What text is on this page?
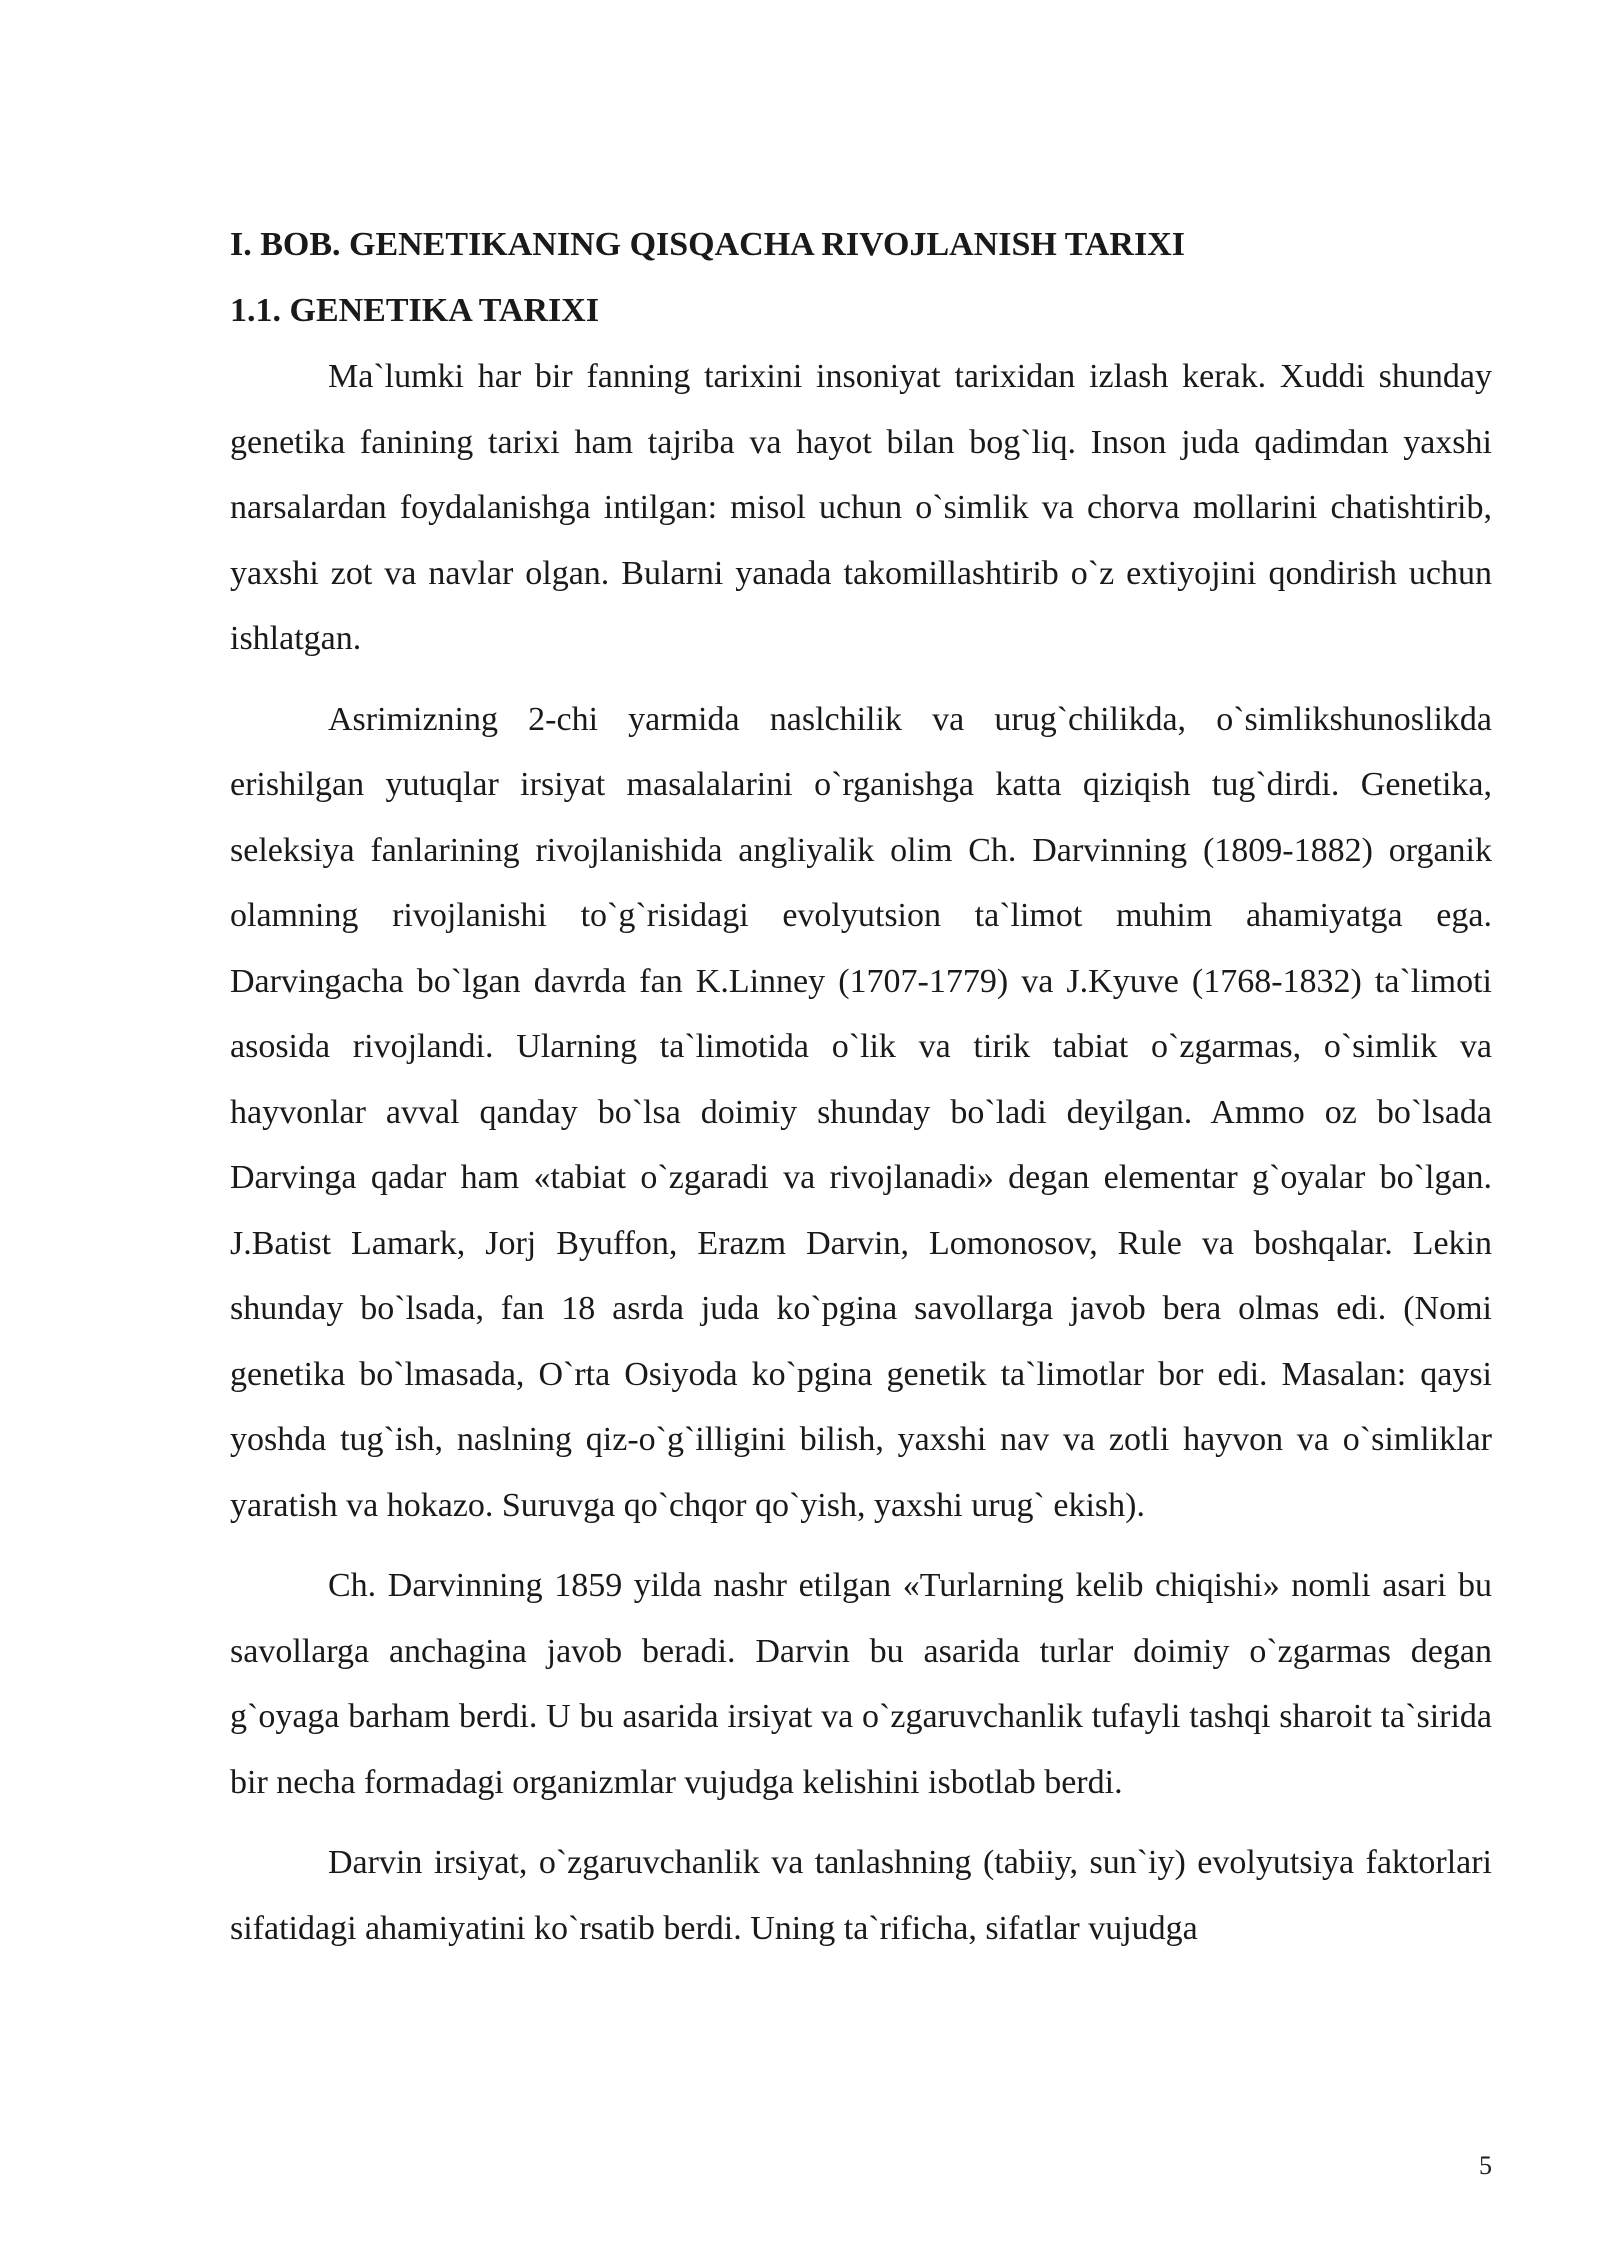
I. BOB. GENETIKANING QISQACHA RIVOJLANISH TARIXI
1.1. GENETIKA TARIXI

Ma`lumki har bir fanning tarixini insoniyat tarixidan izlash kerak. Xuddi shunday genetika fanining tarixi ham tajriba va hayot bilan bog`liq. Inson juda qadimdan yaxshi narsalardan foydalanishga intilgan: misol uchun o`simlik va chorva mollarini chatishtirib, yaxshi zot va navlar olgan. Bularni yanada takomillashtirib o`z extiyojini qondirish uchun ishlatgan.

Asrimizning 2-chi yarmida naslchilik va urug`chilikda, o`simlikshunoslikda erishilgan yutuqlar irsiyat masalalarini o`rganishga katta qiziqish tug`dirdi. Genetika, seleksiya fanlarining rivojlanishida angliyalik olim Ch. Darvinning (1809-1882) organik olamning rivojlanishi to`g`risidagi evolyutsion ta`limot muhim ahamiyatga ega. Darvingacha bo`lgan davrda fan K.Linney (1707-1779) va J.Kyuve (1768-1832) ta`limoti asosida rivojlandi. Ularning ta`limotida o`lik va tirik tabiat o`zgarmas, o`simlik va hayvonlar avval qanday bo`lsa doimiy shunday bo`ladi deyilgan. Ammo oz bo`lsada Darvinga qadar ham «tabiat o`zgaradi va rivojlanadi» degan elementar g`oyalar bo`lgan. J.Batist Lamark, Jorj Byuffon, Erazm Darvin, Lomonosov, Rule va boshqalar. Lekin shunday bo`lsada, fan 18 asrda juda ko`pgina savollarga javob bera olmas edi. (Nomi genetika bo`lmasada, O`rta Osiyoda ko`pgina genetik ta`limotlar bor edi. Masalan: qaysi yoshda tug`ish, naslning qiz-o`g`illigini bilish, yaxshi nav va zotli hayvon va o`simliklar yaratish va hokazo. Suruvga qo`chqor qo`yish, yaxshi urug` ekish).

Ch. Darvinning 1859 yilda nashr etilgan «Turlarning kelib chiqishi» nomli asari bu savollarga anchagina javob beradi. Darvin bu asarida turlar doimiy o`zgarmas degan g`oyaga barham berdi. U bu asarida irsiyat va o`zgaruvchanlik tufayli tashqi sharoit ta`sirida bir necha formadagi organizmlar vujudga kelishini isbotlab berdi.

Darvin irsiyat, o`zgaruvchanlik va tanlashning (tabiiy, sun`iy) evolyutsiya faktorlari sifatidagi ahamiyatini ko`rsatib berdi. Uning ta`rificha, sifatlar vujudga

5
